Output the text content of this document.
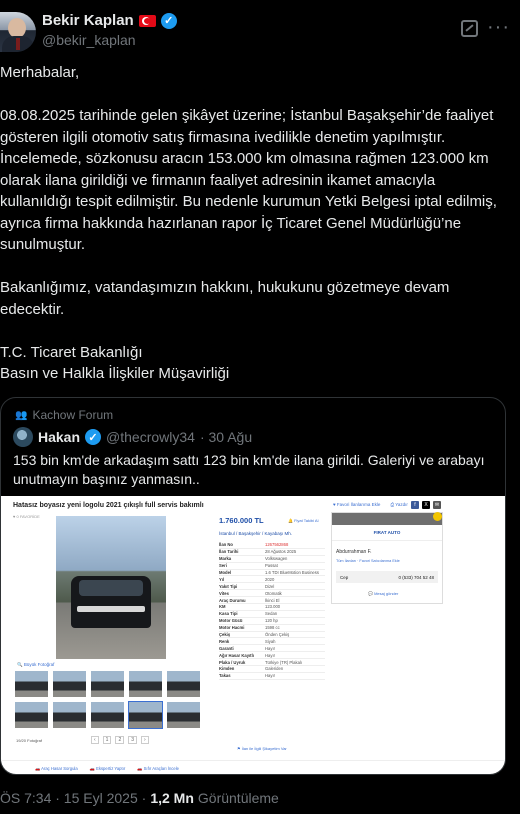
Bekir Kaplan	✓
@bekir_kaplan
···

Merhabalar,

08.08.2025 tarihinde gelen şikâyet üzerine; İstanbul Başakşehir’de faaliyet gösteren ilgili otomotiv satış firmasına ivedilikle denetim yapılmıştır. İncelemede, sözkonusu aracın 153.000 km olmasına rağmen 123.000 km olarak ilana girildiği ve firmanın faaliyet adresinin ikamet amacıyla kullanıldığı tespit edilmiştir. Bu nedenle kurumun Yetki Belgesi iptal edilmiş, ayrıca firma hakkında hazırlanan rapor İç Ticaret Genel Müdürlüğü’ne sunulmuştur.

Bakanlığımız, vatandaşımızın hakkını, hukukunu gözetmeye devam edecektir.

T.C. Ticaret Bakanlığı

Basın ve Halkla İlişkiler Müşavirliği

👥 Kachow Forum
Hakan ✓ @thecrowly34 · 30 Ağu
153 bin km'de arkadaşım sattı 123 bin km'de ilana girildi. Galeriyi ve arabayı unutmayın başınız yanmasın..
Hatasız boyasız yeni logolu 2021 çıkışlı full servis bakımlı	♥ Favori İlanlarıma Ekle ⎙ Yazdır	f	X	✉
♥ 0 FAVORİDE
🔍 Büyük Fotoğraf
19/20 Fotoğraf	‹	1	2	3	›
1.760.000 TL	🔔 Fiyat Takibi Al
İstanbul / Başakşehir / Kayabaşı Mh.
İlan No	1267562868
İlan Tarihi	28 Ağustos 2025
Marka	Volkswagen
Seri	Passat
Model	1.6 TDI BlueMotion Business
Yıl	2020
Yakıt Tipi	Dizel
Vites	Otomatik
Araç Durumu	İkinci El
KM	123.000
Kasa Tipi	Sedan
Motor Gücü	120 hp
Motor Hacmi	1598 cc
Çekiş	Önden Çekiş
Renk	Siyah
Garanti	Hayır
Ağır Hasar Kayıtlı	Hayır
Plaka / Uyruk	Türkiye (TR) Plakalı
Kimden	Galeriden
Takas	Hayır
FIRAT AUTO
Abdurrahman F.
Tüm İlanları · Favori Satıcılarıma Ekle
Cep	0 (533) 704 52 48
💬 Mesaj gönder
⚑ İlan ile İlgili Şikayetim Var
🚗 Araç Hasar Sorgula	🚗 Ekspertiz Yaptır	🚗 Sıfır Araçları İncele
ÖS 7:34 · 15 Eyl 2025 · 1,2 Mn Görüntüleme
